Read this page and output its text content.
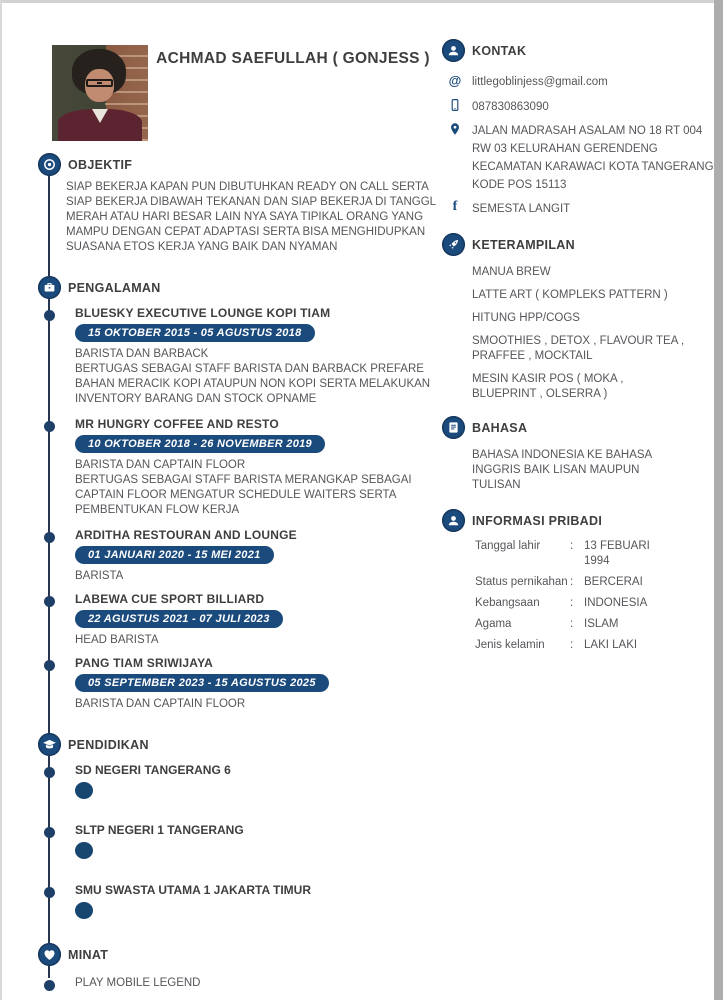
ACHMAD SAEFULLAH ( GONJESS )
OBJEKTIF
SIAP BEKERJA KAPAN PUN DIBUTUHKAN READY ON CALL SERTA SIAP BEKERJA DIBAWAH TEKANAN DAN SIAP BEKERJA DI TANGGL MERAH ATAU HARI BESAR LAIN NYA SAYA TIPIKAL ORANG YANG MAMPU DENGAN CEPAT ADAPTASI SERTA BISA MENGHIDUPKAN SUASANA ETOS KERJA YANG BAIK DAN NYAMAN
PENGALAMAN
BLUESKY EXECUTIVE LOUNGE KOPI TIAM
15 OKTOBER 2015 - 05 AGUSTUS 2018
BARISTA DAN BARBACK
BERTUGAS SEBAGAI STAFF BARISTA DAN BARBACK PREFARE BAHAN MERACIK KOPI ATAUPUN NON KOPI SERTA MELAKUKAN INVENTORY BARANG DAN STOCK OPNAME
MR HUNGRY COFFEE AND RESTO
10 OKTOBER 2018 - 26 NOVEMBER 2019
BARISTA DAN CAPTAIN FLOOR
BERTUGAS SEBAGAI STAFF BARISTA MERANGKAP SEBAGAI CAPTAIN FLOOR MENGATUR SCHEDULE WAITERS SERTA PEMBENTUKAN FLOW KERJA
ARDITHA RESTOURAN AND LOUNGE
01 JANUARI 2020 - 15 MEI 2021
BARISTA
LABEWA CUE SPORT BILLIARD
22 AGUSTUS 2021 - 07 JULI 2023
HEAD BARISTA
PANG TIAM SRIWIJAYA
05 SEPTEMBER 2023 - 15 AGUSTUS 2025
BARISTA DAN CAPTAIN FLOOR
PENDIDIKAN
SD NEGERI TANGERANG 6
SLTP NEGERI 1 TANGERANG
SMU SWASTA UTAMA 1 JAKARTA TIMUR
MINAT
PLAY MOBILE LEGEND
KONTAK
@ littlegoblinjess@gmail.com
087830863090
JALAN MADRASAH ASALAM NO 18 RT 004 RW 03 KELURAHAN GERENDENG KECAMATAN KARAWACI KOTA TANGERANG KODE POS 15113
f SEMESTA LANGIT
KETERAMPILAN
MANUA BREW
LATTE ART ( KOMPLEKS PATTERN )
HITUNG HPP/COGS
SMOOTHIES , DETOX , FLAVOUR TEA , PRAFFEE , MOCKTAIL
MESIN KASIR POS ( MOKA , BLUEPRINT , OLSERRA )
BAHASA
BAHASA INDONESIA KE BAHASA INGGRIS BAIK LISAN MAUPUN TULISAN
INFORMASI PRIBADI
Tanggal lahir :	13 FEBUARI 1994
Status pernikahan : BERCERAI
Kebangsaan :	INDONESIA
Agama :	ISLAM
Jenis kelamin :	LAKI LAKI
